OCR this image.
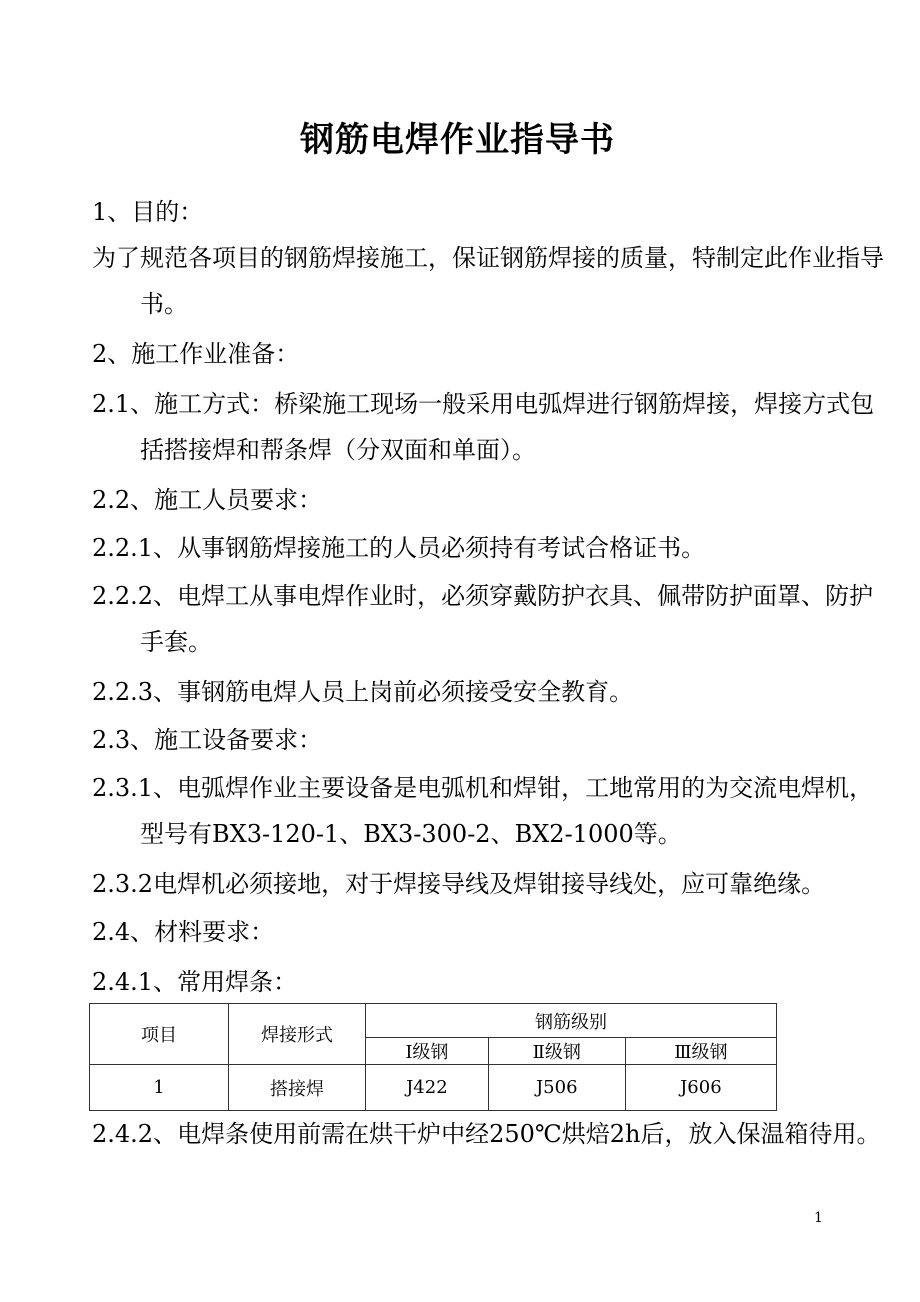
钢筋电焊作业指导书
1、目的：
为了规范各项目的钢筋焊接施工，保证钢筋焊接的质量，特制定此作业指导
书。
2、施工作业准备：
2.1、施工方式：桥梁施工现场一般采用电弧焊进行钢筋焊接，焊接方式包
括搭接焊和帮条焊（分双面和单面）。
2.2、施工人员要求：
2.2.1、从事钢筋焊接施工的人员必须持有考试合格证书。
2.2.2、电焊工从事电焊作业时，必须穿戴防护衣具、佩带防护面罩、防护
手套。
2.2.3、事钢筋电焊人员上岗前必须接受安全教育。
2.3、施工设备要求：
2.3.1、电弧焊作业主要设备是电弧机和焊钳，工地常用的为交流电焊机，
型号有BX3-120-1、BX3-300-2、BX2-1000等。
2.3.2电焊机必须接地，对于焊接导线及焊钳接导线处，应可靠绝缘。
2.4、材料要求：
2.4.1、常用焊条：
项目	焊接形式	钢筋级别		
		Ⅰ级钢	Ⅱ级钢	Ⅲ级钢
1	搭接焊	J422	J506	J606
2.4.2、电焊条使用前需在烘干炉中经250℃烘焙2h后，放入保温箱待用。
1
